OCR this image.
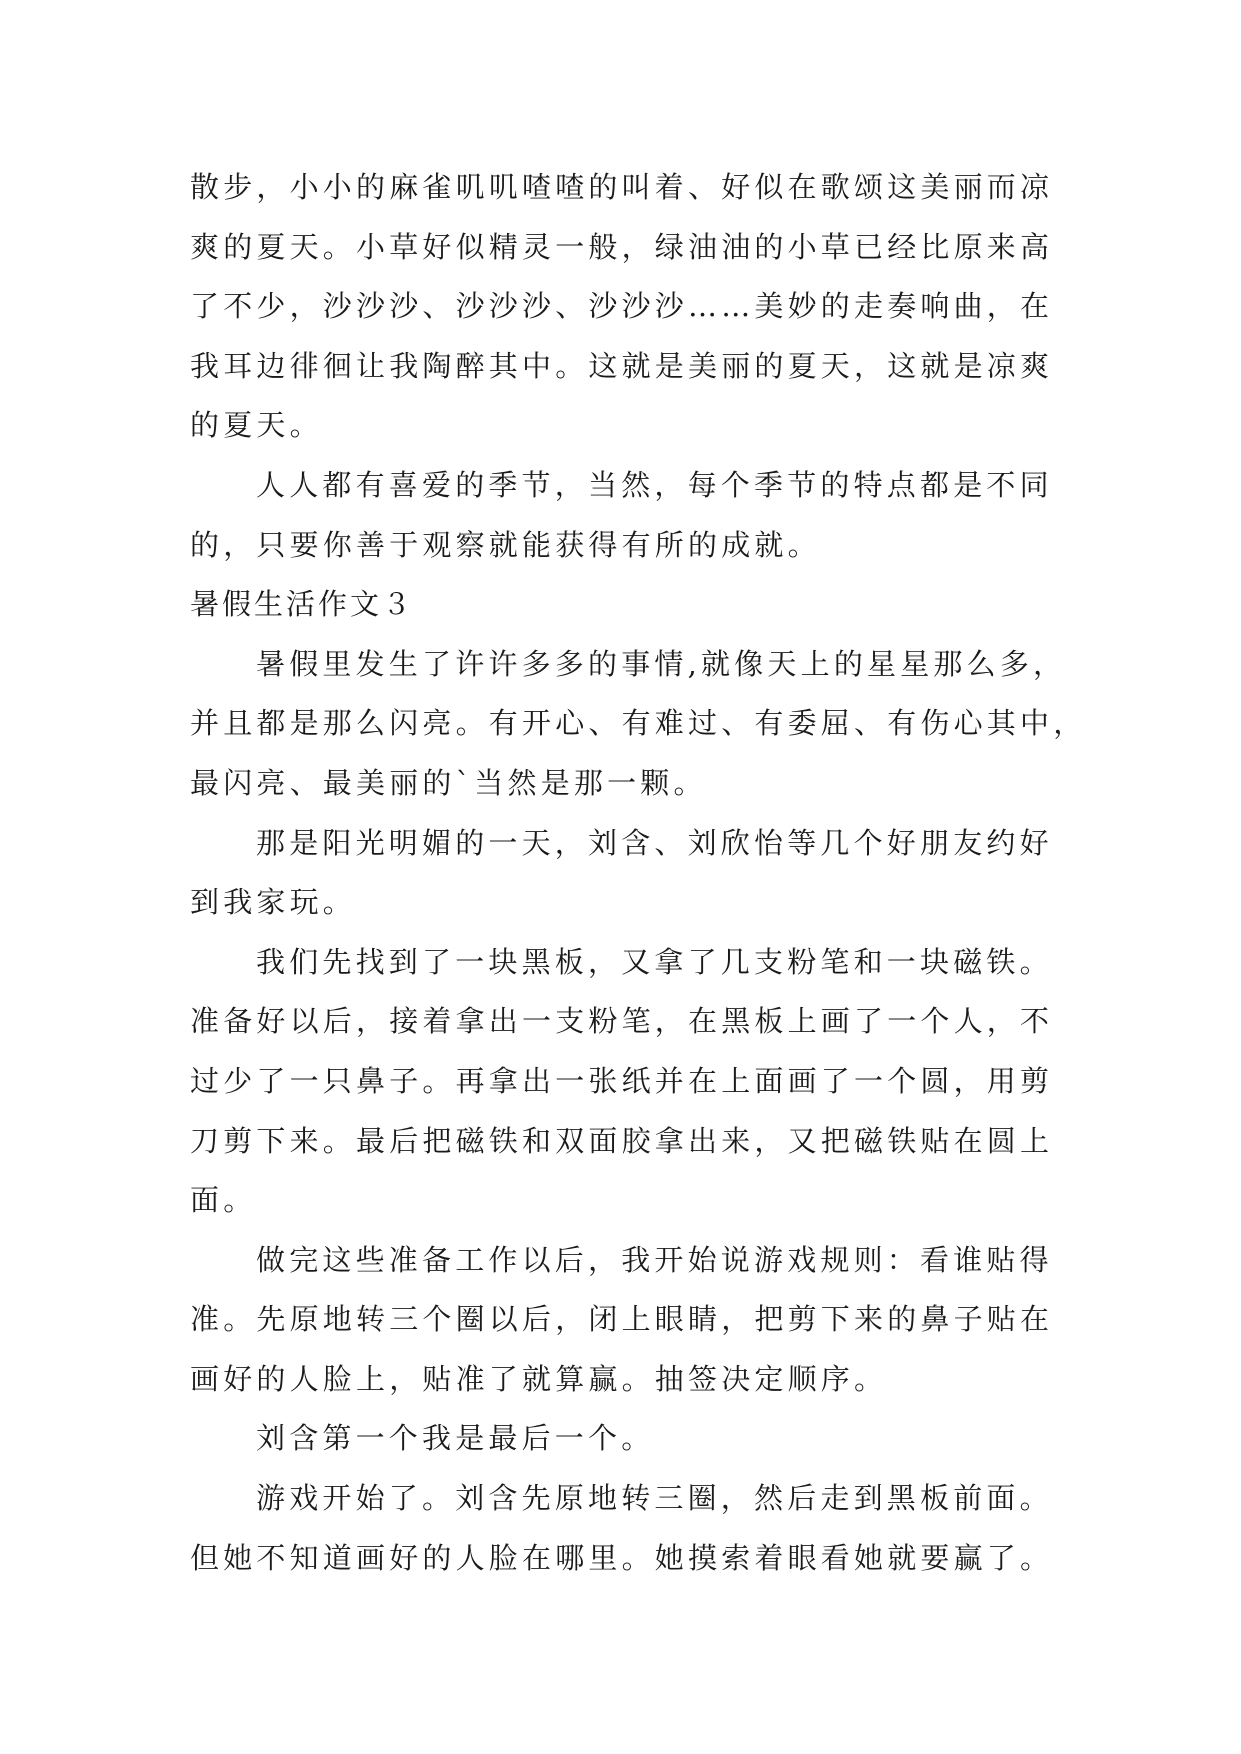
散步，小小的麻雀叽叽喳喳的叫着、好似在歌颂这美丽而凉
爽的夏天。小草好似精灵一般，绿油油的小草已经比原来高
了不少，沙沙沙、沙沙沙、沙沙沙……美妙的走奏响曲，在
我耳边徘徊让我陶醉其中。这就是美丽的夏天，这就是凉爽
的夏天。
人人都有喜爱的季节，当然，每个季节的特点都是不同
的，只要你善于观察就能获得有所的成就。
暑假生活作文３
暑假里发生了许许多多的事情,就像天上的星星那么多，
并且都是那么闪亮。有开心、有难过、有委屈、有伤心其中，
最闪亮、最美丽的`当然是那一颗。
那是阳光明媚的一天，刘含、刘欣怡等几个好朋友约好
到我家玩。
我们先找到了一块黑板，又拿了几支粉笔和一块磁铁。
准备好以后，接着拿出一支粉笔，在黑板上画了一个人，不
过少了一只鼻子。再拿出一张纸并在上面画了一个圆，用剪
刀剪下来。最后把磁铁和双面胶拿出来，又把磁铁贴在圆上
面。
做完这些准备工作以后，我开始说游戏规则：看谁贴得
准。先原地转三个圈以后，闭上眼睛，把剪下来的鼻子贴在
画好的人脸上，贴准了就算赢。抽签决定顺序。
刘含第一个我是最后一个。
游戏开始了。刘含先原地转三圈，然后走到黑板前面。
但她不知道画好的人脸在哪里。她摸索着眼看她就要赢了。
